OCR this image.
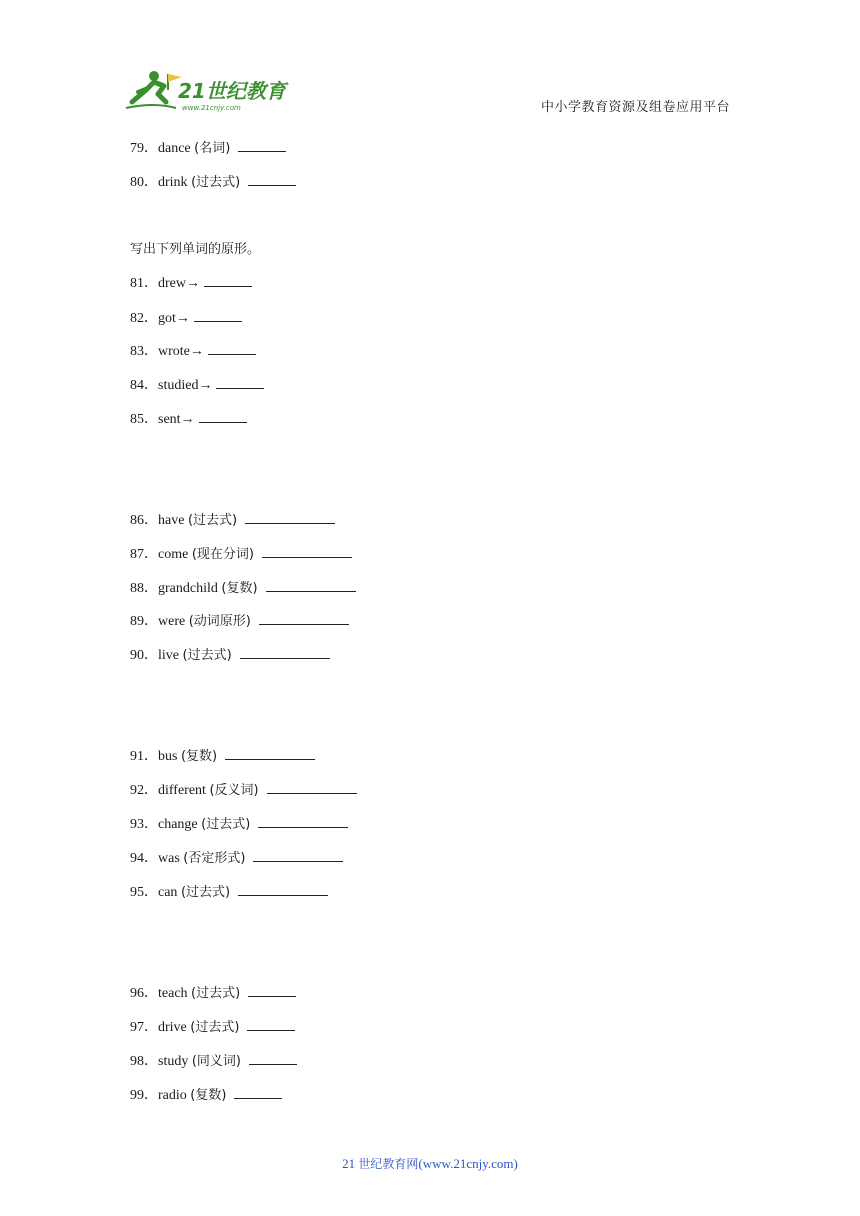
21世纪教育
www.21cnjy.com	中小学教育资源及组卷应用平台
写出下列单词的原形。
79．dance (名词)
80．drink (过去式)
81．drew→
82．got→
83．wrote→
84．studied→
85．sent→
86．have (过去式)
87．come (现在分词)
88．grandchild (复数)
89．were (动词原形)
90．live (过去式)
91．bus (复数)
92．different (反义词)
93．change (过去式)
94．was (否定形式)
95．can (过去式)
96．teach (过去式)
97．drive (过去式)
98．study (同义词)
99．radio (复数)
21 世纪教育网(www.21cnjy.com)
